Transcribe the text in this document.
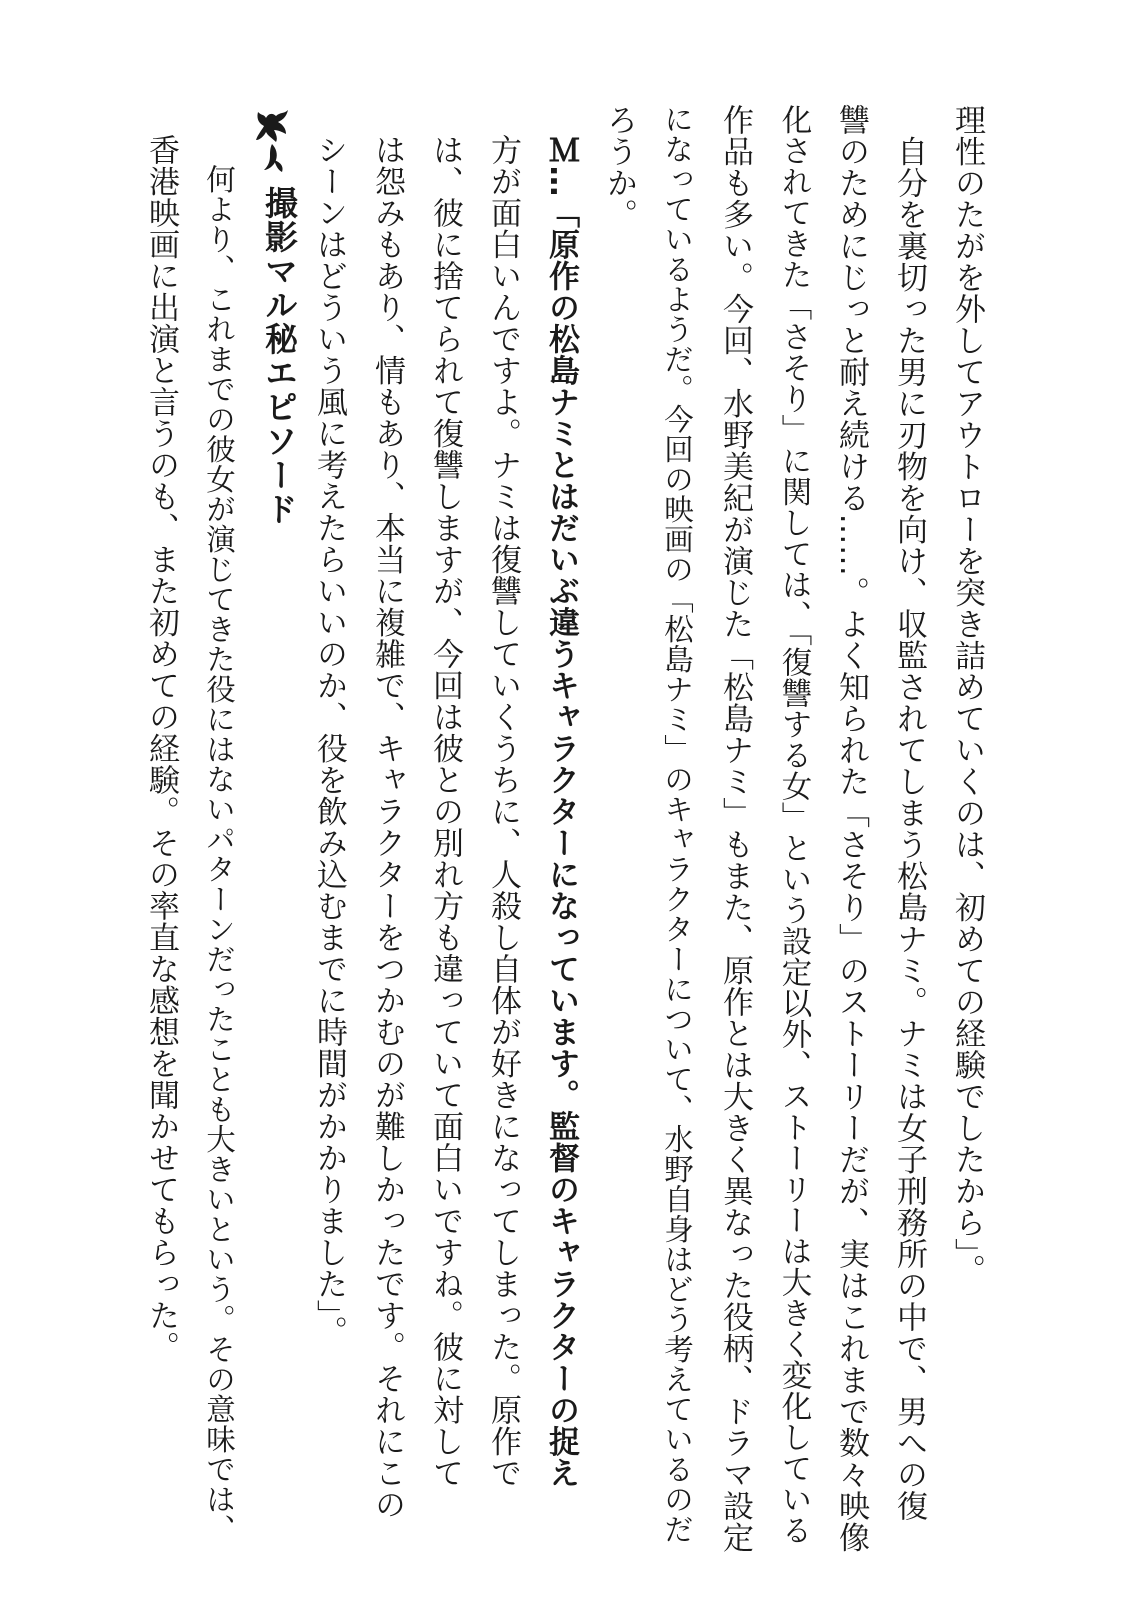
理性のたがを外してアウトローを突き詰めていくのは、初めての経験でしたから」。
　自分を裏切った男に刃物を向け、収監されてしまう松島ナミ。ナミは女子刑務所の中で、男への復
讐のためにじっと耐え続ける……。よく知られた「さそり」のストーリーだが、実はこれまで数々映像
化されてきた「さそり」に関しては、「復讐する女」という設定以外、ストーリーは大きく変化している
作品も多い。今回、水野美紀が演じた「松島ナミ」もまた、原作とは大きく異なった役柄、ドラマ設定
になっているようだ。今回の映画の「松島ナミ」のキャラクターについて、水野自身はどう考えているのだ
ろうか。
Ｍ…「原作の松島ナミとはだいぶ違うキャラクターになっています。監督のキャラクターの捉え
方が面白いんですよ。ナミは復讐していくうちに、人殺し自体が好きになってしまった。原作で
は、彼に捨てられて復讐しますが、今回は彼との別れ方も違っていて面白いですね。彼に対して
は怨みもあり、情もあり、本当に複雑で、キャラクターをつかむのが難しかったです。それにこの
シーンはどういう風に考えたらいいのか、役を飲み込むまでに時間がかかりました」。
撮影マル秘エピソード
　何より、これまでの彼女が演じてきた役にはないパターンだったことも大きいという。その意味では、
香港映画に出演と言うのも、また初めての経験。その率直な感想を聞かせてもらった。
